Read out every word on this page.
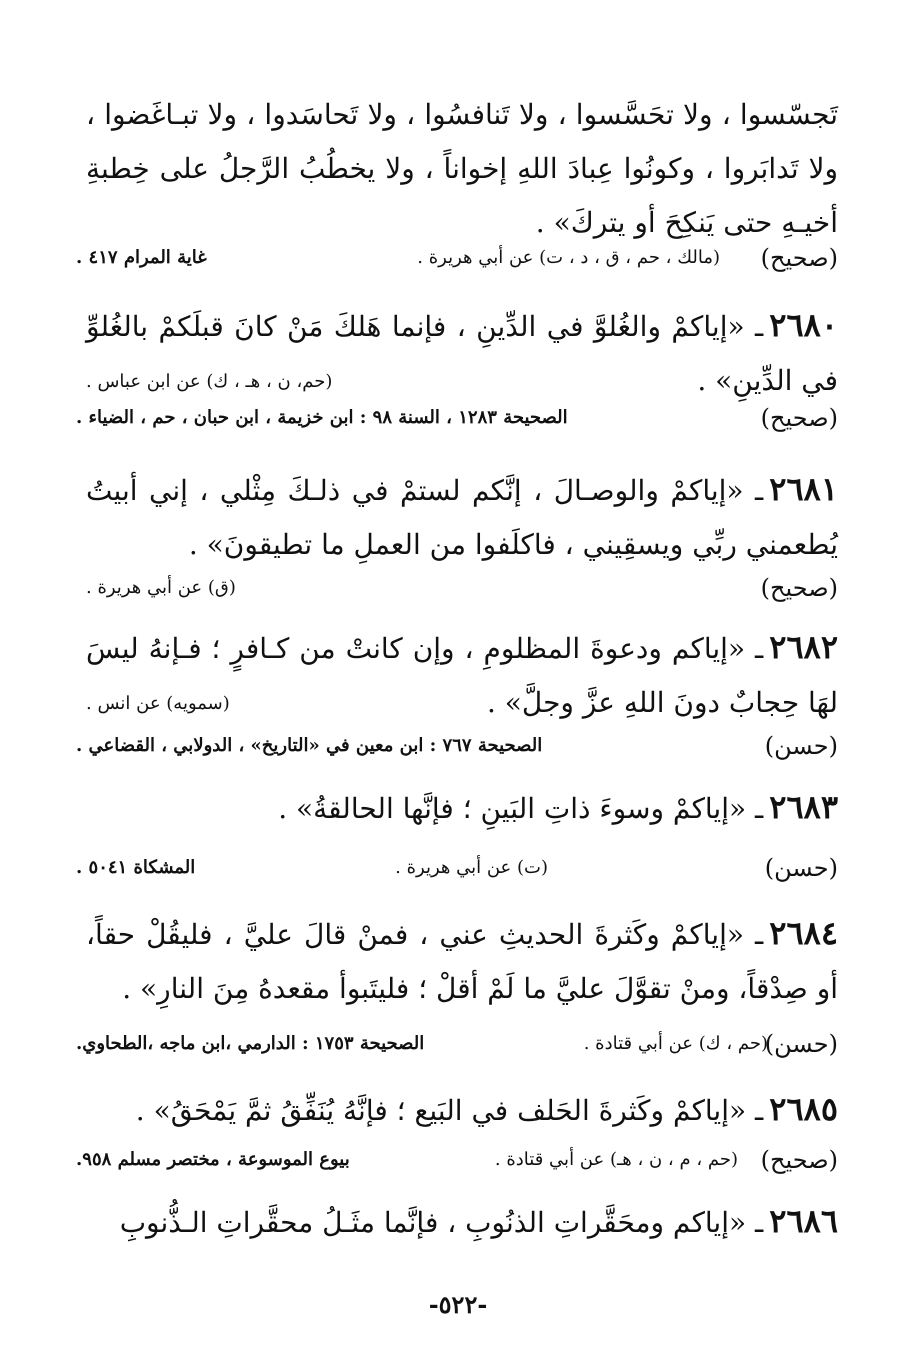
تَجسّسوا ، ولا تحَسَّسوا ، ولا تَنافسُوا ، ولا تَحاسَدوا ، ولا تبـاغَضوا ، ولا تَدابَروا ، وكونُوا عِبادَ اللهِ إخواناً ، ولا يخطُبُ الرَّجلُ على خِطبةِ أخيـهِ حتى يَنكِحَ أو يتركَ» .

(صحيح)
(مالك ، حم ، ق ، د ، ت) عن أبي هريرة .
غاية المرام ٤١٧ .

٢٦٨٠ـ «إياكمْ والغُلوَّ في الدِّينِ ، فإنما هَلكَ مَنْ كانَ قبلَكمْ بالغُلوِّ في الدِّينِ» .

(حم، ن ، هـ ، ك) عن ابن عباس .
(صحيح)
الصحيحة ١٢٨٣ ، السنة ٩٨ : ابن خزيمة ، ابن حبان ، حم ، الضياء .

٢٦٨١ـ «إياكمْ والوصـالَ ، إنَّكم لستمْ في ذلـكَ مِثْلي ، إني أبيتُ يُطعمني ربِّي ويسقِيني ، فاكلَفوا من العملِ ما تطيقونَ» .

(صحيح)
(ق) عن أبي هريرة .

٢٦٨٢ـ «إياكم ودعوةَ المظلومِ ، وإن كانتْ من كـافرٍ ؛ فـإنهُ ليسَ لهَا حِجابٌ دونَ اللهِ عزَّ وجلَّ» .

(سمويه) عن انس .
(حسن)
الصحيحة ٧٦٧ : ابن معين في «التاريخ» ، الدولابي ، القضاعي .

٢٦٨٣ـ «إياكمْ وسوءَ ذاتِ البَينِ ؛ فإنَّها الحالقةُ» .

(حسن)
(ت) عن أبي هريرة .
المشكاة ٥٠٤١ .

٢٦٨٤ـ «إياكمْ وكَثرةَ الحديثِ عني ، فمنْ قالَ عليَّ ، فليقُلْ حقاً، أو صِدْقاً، ومنْ تقوَّلَ عليَّ ما لَمْ أقلْ ؛ فليتَبوأ مقعدهُ مِنَ النارِ» .

(حسن)
(حم ، ك) عن أبي قتادة .
الصحيحة ١٧٥٣ : الدارمي ،ابن ماجه ،الطحاوي.

٢٦٨٥ـ «إياكمْ وكَثرةَ الحَلف في البَيع ؛ فإنَّهُ يُنَفِّقُ ثمَّ يَمْحَقُ» .

(صحيح)
(حم ، م ، ن ، هـ) عن أبي قتادة .
بيوع الموسوعة ، مختصر مسلم ٩٥٨.

٢٦٨٦ـ «إياكم ومحَقَّراتِ الذنُوبِ ، فإنَّما مثَـلُ محقَّراتِ الـذُّنوبِ

-٥٢٢-
